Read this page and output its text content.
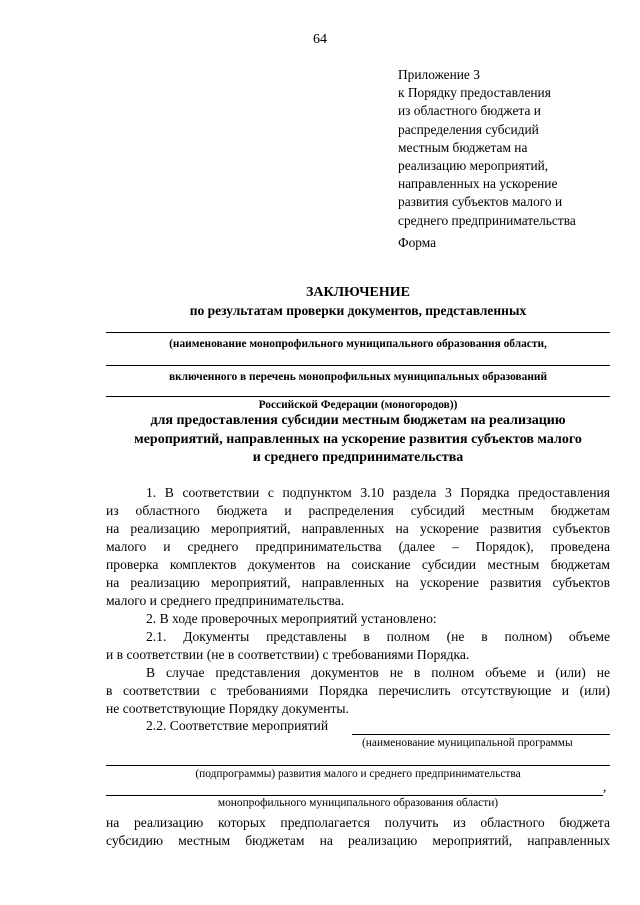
64
Приложение 3
к Порядку предоставления
из областного бюджета и
распределения субсидий
местным бюджетам на
реализацию мероприятий,
направленных на ускорение
развития субъектов малого и
среднего предпринимательства
Форма
ЗАКЛЮЧЕНИЕ
по результатам проверки документов, представленных
(наименование монопрофильного муниципального образования области,
включенного в перечень монопрофильных муниципальных образований
Российской Федерации (моногородов))
для предоставления субсидии местным бюджетам на реализацию
мероприятий, направленных на ускорение развития субъектов малого
и среднего предпринимательства
1. В соответствии с подпунктом 3.10 раздела 3 Порядка предоставления
из областного бюджета и распределения субсидий местным бюджетам
на реализацию мероприятий, направленных на ускорение развития субъектов
малого и среднего предпринимательства (далее – Порядок), проведена
проверка комплектов документов на соискание субсидии местным бюджетам
на реализацию мероприятий, направленных на ускорение развития субъектов
малого и среднего предпринимательства.
2. В ходе проверочных мероприятий установлено:
2.1. Документы представлены в полном (не в полном) объеме
и в соответствии (не в соответствии) с требованиями Порядка.
В случае представления документов не в полном объеме и (или) не
в соответствии с требованиями Порядка перечислить отсутствующие и (или)
не соответствующие Порядку документы.
2.2. Соответствие мероприятий
(наименование муниципальной программы
(подпрограммы) развития малого и среднего предпринимательства
,
монопрофильного муниципального образования области)
на реализацию которых предполагается получить из областного бюджета
субсидию местным бюджетам на реализацию мероприятий, направленных
